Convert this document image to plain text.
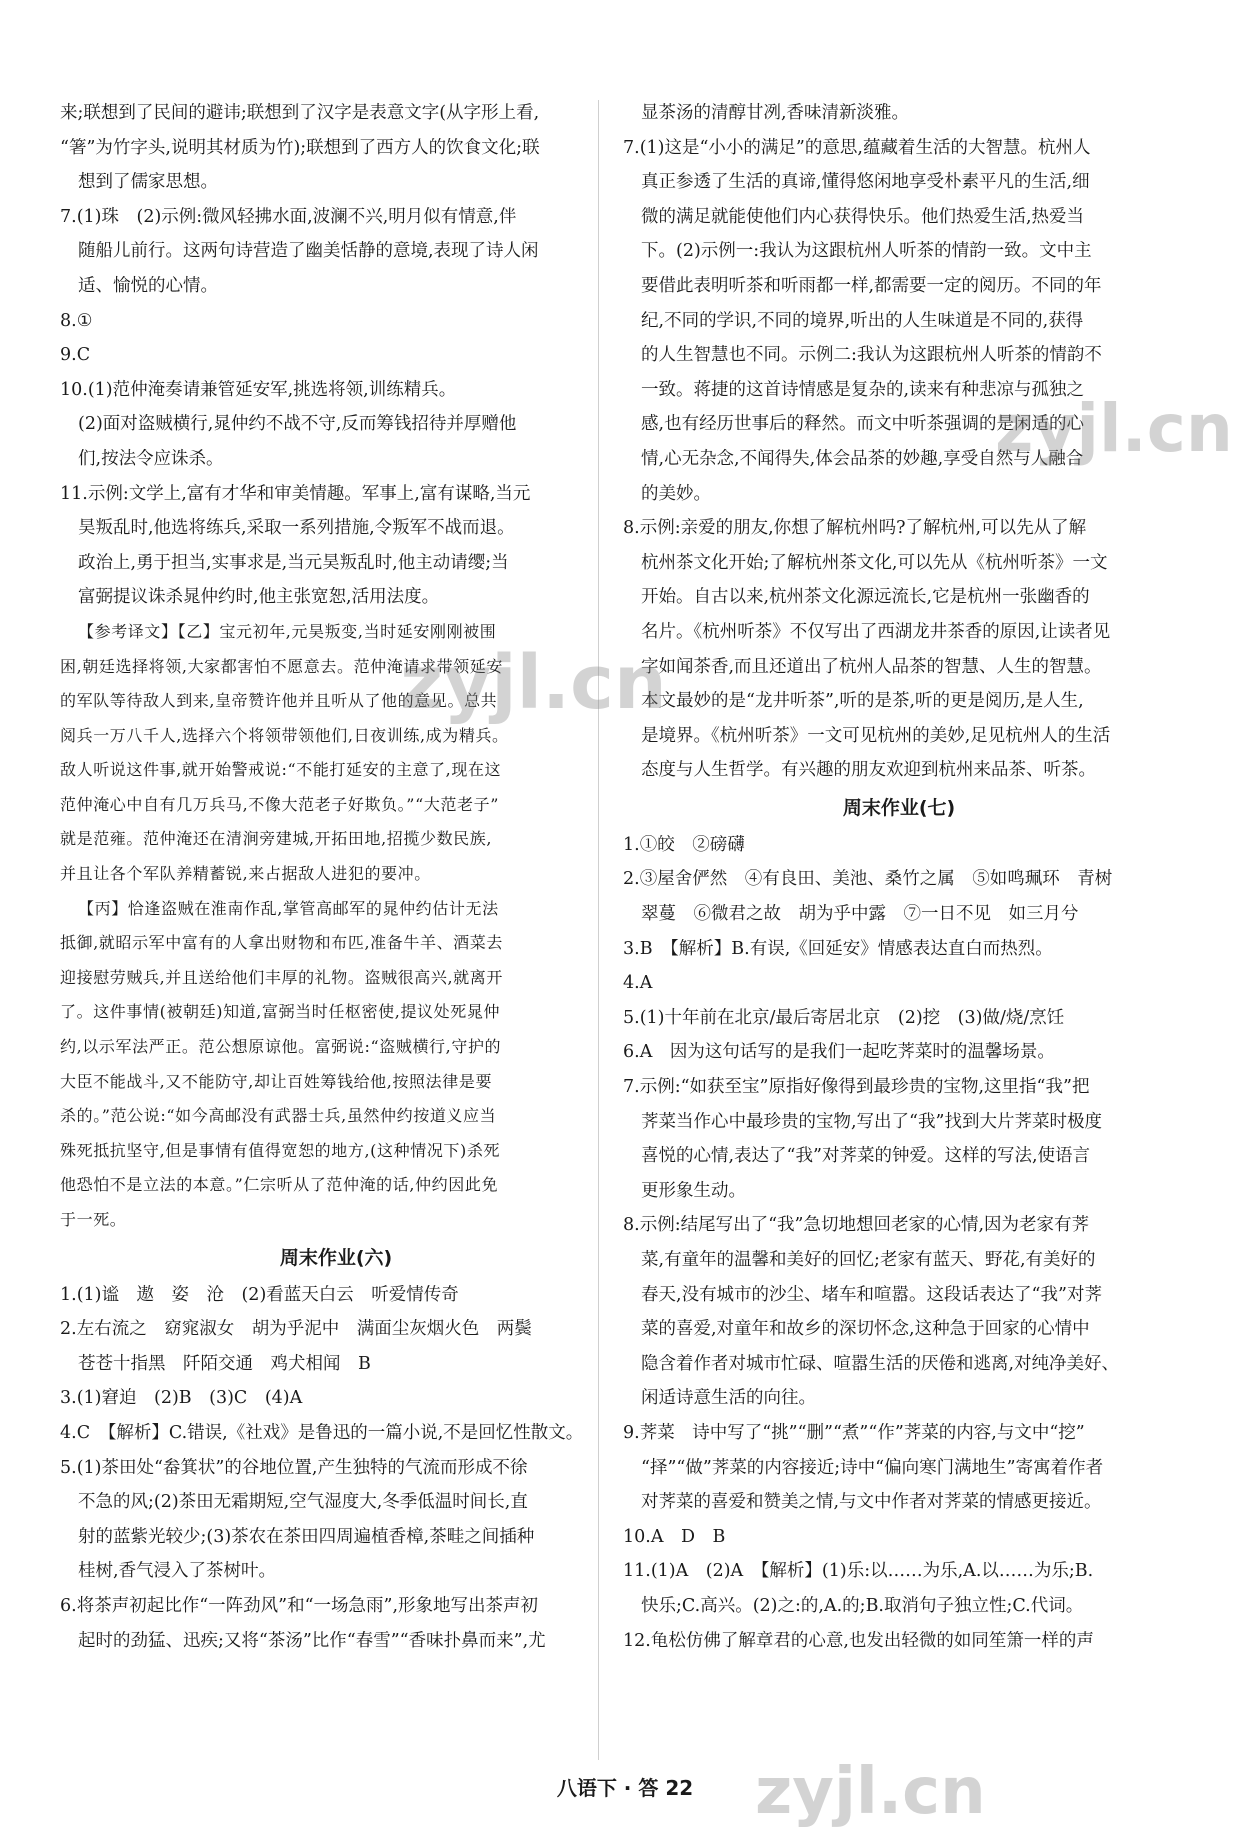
来;联想到了民间的避讳;联想到了汉字是表意文字(从字形上看,

“箸”为竹字头,说明其材质为竹);联想到了西方人的饮食文化;联

想到了儒家思想。

7.(1)珠　(2)示例:微风轻拂水面,波澜不兴,明月似有情意,伴

随船儿前行。这两句诗营造了幽美恬静的意境,表现了诗人闲

适、愉悦的心情。

8.①

9.C

10.(1)范仲淹奏请兼管延安军,挑选将领,训练精兵。

(2)面对盗贼横行,晁仲约不战不守,反而筹钱招待并厚赠他

们,按法令应诛杀。

11.示例:文学上,富有才华和审美情趣。军事上,富有谋略,当元

昊叛乱时,他选将练兵,采取一系列措施,令叛军不战而退。

政治上,勇于担当,实事求是,当元昊叛乱时,他主动请缨;当

富弼提议诛杀晁仲约时,他主张宽恕,活用法度。

【参考译文】【乙】宝元初年,元昊叛变,当时延安刚刚被围

困,朝廷选择将领,大家都害怕不愿意去。范仲淹请求带领延安

的军队等待敌人到来,皇帝赞许他并且听从了他的意见。总共

阅兵一万八千人,选择六个将领带领他们,日夜训练,成为精兵。

敌人听说这件事,就开始警戒说:“不能打延安的主意了,现在这

范仲淹心中自有几万兵马,不像大范老子好欺负。”“大范老子”

就是范雍。范仲淹还在清涧旁建城,开拓田地,招揽少数民族,

并且让各个军队养精蓄锐,来占据敌人进犯的要冲。

【丙】恰逢盗贼在淮南作乱,掌管高邮军的晁仲约估计无法

抵御,就昭示军中富有的人拿出财物和布匹,准备牛羊、酒菜去

迎接慰劳贼兵,并且送给他们丰厚的礼物。盗贼很高兴,就离开

了。这件事情(被朝廷)知道,富弼当时任枢密使,提议处死晁仲

约,以示军法严正。范公想原谅他。富弼说:“盗贼横行,守护的

大臣不能战斗,又不能防守,却让百姓筹钱给他,按照法律是要

杀的。”范公说:“如今高邮没有武器士兵,虽然仲约按道义应当

殊死抵抗坚守,但是事情有值得宽恕的地方,(这种情况下)杀死

他恐怕不是立法的本意。”仁宗听从了范仲淹的话,仲约因此免

于一死。

周末作业(六)

1.(1)谧　遨　姿　沧　(2)看蓝天白云　听爱情传奇

2.左右流之　窈窕淑女　胡为乎泥中　满面尘灰烟火色　两鬓

苍苍十指黑　阡陌交通　鸡犬相闻　B

3.(1)窘迫　(2)B　(3)C　(4)A

4.C　【解析】C.错误,《社戏》是鲁迅的一篇小说,不是回忆性散文。

5.(1)茶田处“畚箕状”的谷地位置,产生独特的气流而形成不徐

不急的风;(2)茶田无霜期短,空气湿度大,冬季低温时间长,直

射的蓝紫光较少;(3)茶农在茶田四周遍植香樟,茶畦之间插种

桂树,香气浸入了茶树叶。

6.将茶声初起比作“一阵劲风”和“一场急雨”,形象地写出茶声初

起时的劲猛、迅疾;又将“茶汤”比作“春雪”“香味扑鼻而来”,尤

显茶汤的清醇甘冽,香味清新淡雅。

7.(1)这是“小小的满足”的意思,蕴藏着生活的大智慧。杭州人

真正参透了生活的真谛,懂得悠闲地享受朴素平凡的生活,细

微的满足就能使他们内心获得快乐。他们热爱生活,热爱当

下。(2)示例一:我认为这跟杭州人听茶的情韵一致。文中主

要借此表明听茶和听雨都一样,都需要一定的阅历。不同的年

纪,不同的学识,不同的境界,听出的人生味道是不同的,获得

的人生智慧也不同。示例二:我认为这跟杭州人听茶的情韵不

一致。蒋捷的这首诗情感是复杂的,读来有种悲凉与孤独之

感,也有经历世事后的释然。而文中听茶强调的是闲适的心

情,心无杂念,不闻得失,体会品茶的妙趣,享受自然与人融合

的美妙。

8.示例:亲爱的朋友,你想了解杭州吗?了解杭州,可以先从了解

杭州茶文化开始;了解杭州茶文化,可以先从《杭州听茶》一文

开始。自古以来,杭州茶文化源远流长,它是杭州一张幽香的

名片。《杭州听茶》不仅写出了西湖龙井茶香的原因,让读者见

字如闻茶香,而且还道出了杭州人品茶的智慧、人生的智慧。

本文最妙的是“龙井听茶”,听的是茶,听的更是阅历,是人生,

是境界。《杭州听茶》一文可见杭州的美妙,足见杭州人的生活

态度与人生哲学。有兴趣的朋友欢迎到杭州来品茶、听茶。

周末作业(七)

1.①皎　②磅礴

2.③屋舍俨然　④有良田、美池、桑竹之属　⑤如鸣珮环　青树

翠蔓　⑥微君之故　胡为乎中露　⑦一日不见　如三月兮

3.B　【解析】B.有误,《回延安》情感表达直白而热烈。

4.A

5.(1)十年前在北京/最后寄居北京　(2)挖　(3)做/烧/烹饪

6.A　因为这句话写的是我们一起吃荠菜时的温馨场景。

7.示例:“如获至宝”原指好像得到最珍贵的宝物,这里指“我”把

荠菜当作心中最珍贵的宝物,写出了“我”找到大片荠菜时极度

喜悦的心情,表达了“我”对荠菜的钟爱。这样的写法,使语言

更形象生动。

8.示例:结尾写出了“我”急切地想回老家的心情,因为老家有荠

菜,有童年的温馨和美好的回忆;老家有蓝天、野花,有美好的

春天,没有城市的沙尘、堵车和喧嚣。这段话表达了“我”对荠

菜的喜爱,对童年和故乡的深切怀念,这种急于回家的心情中

隐含着作者对城市忙碌、喧嚣生活的厌倦和逃离,对纯净美好、

闲适诗意生活的向往。

9.荠菜　诗中写了“挑”“删”“煮”“作”荠菜的内容,与文中“挖”

“择”“做”荠菜的内容接近;诗中“偏向寒门满地生”寄寓着作者

对荠菜的喜爱和赞美之情,与文中作者对荠菜的情感更接近。

10.A　D　B

11.(1)A　(2)A　【解析】(1)乐:以……为乐,A.以……为乐;B.

快乐;C.高兴。(2)之:的,A.的;B.取消句子独立性;C.代词。

12.龟松仿佛了解章君的心意,也发出轻微的如同笙箫一样的声

zyjl.cn
zyjl.cn
zyjl.cn
八语下 · 答 22
